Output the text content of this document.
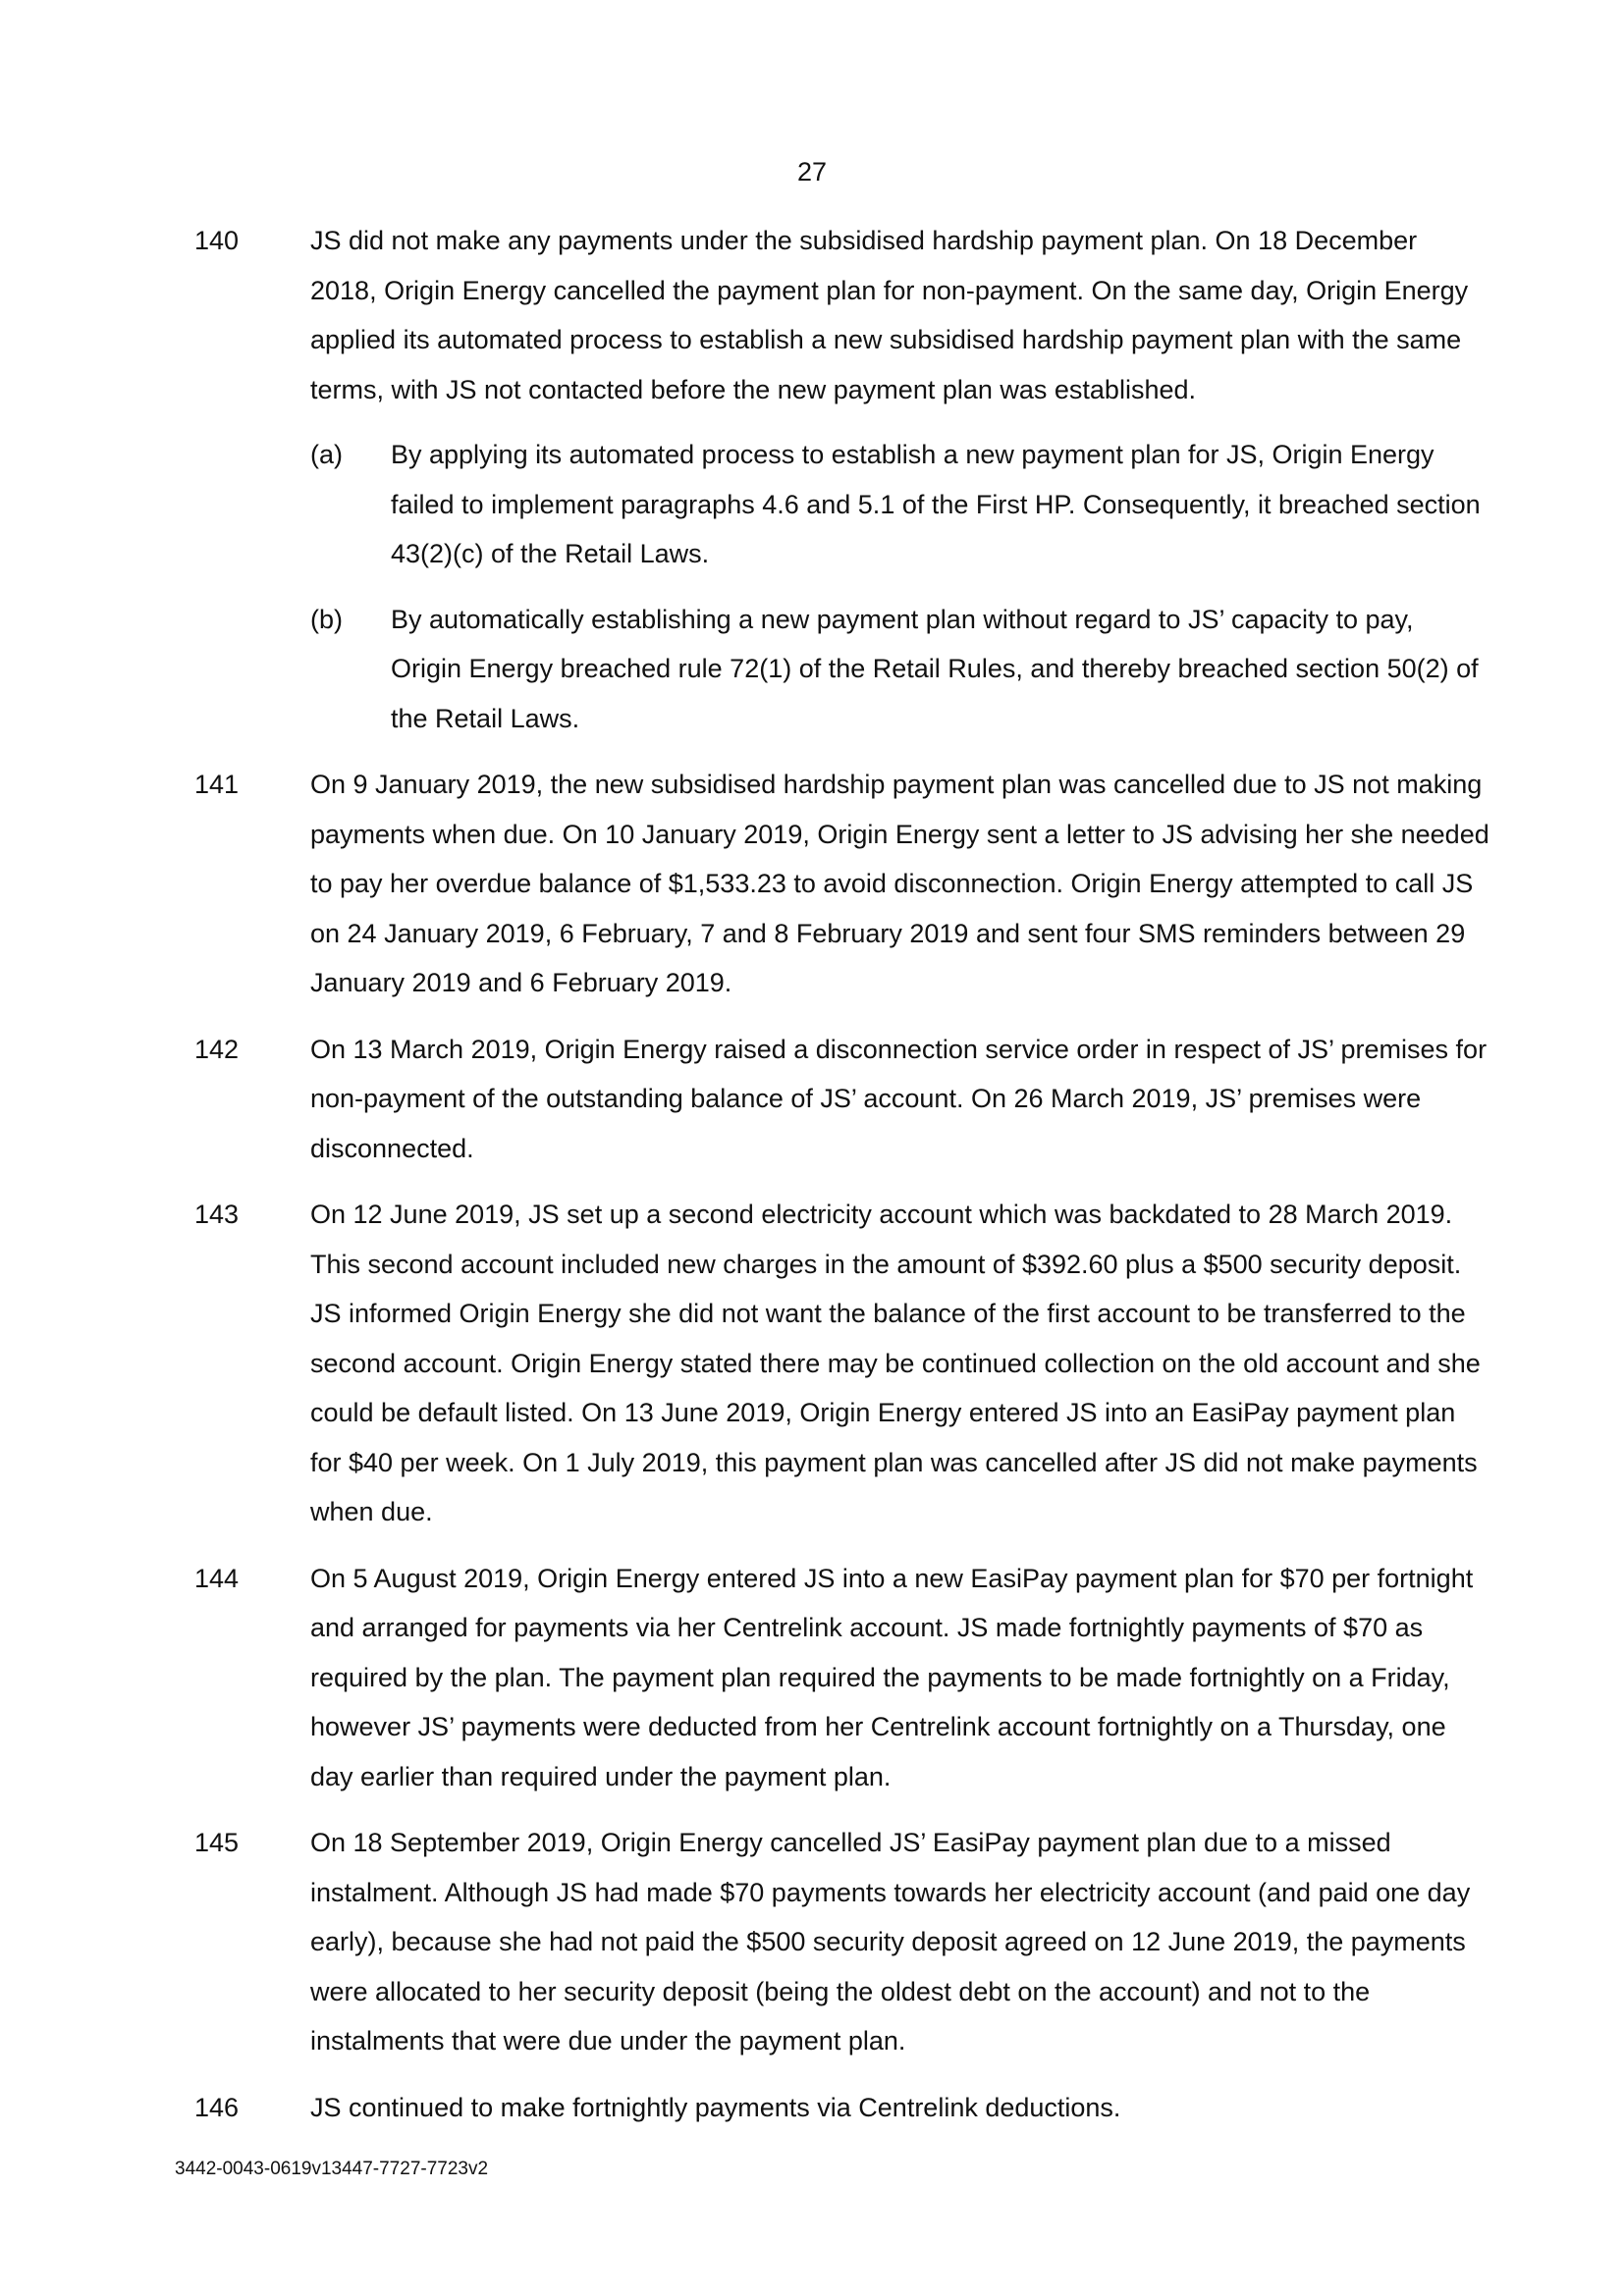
27
140	JS did not make any payments under the subsidised hardship payment plan. On 18 December 2018, Origin Energy cancelled the payment plan for non-payment. On the same day, Origin Energy applied its automated process to establish a new subsidised hardship payment plan with the same terms, with JS not contacted before the new payment plan was established.
(a) By applying its automated process to establish a new payment plan for JS, Origin Energy failed to implement paragraphs 4.6 and 5.1 of the First HP. Consequently, it breached section 43(2)(c) of the Retail Laws.
(b) By automatically establishing a new payment plan without regard to JS’ capacity to pay, Origin Energy breached rule 72(1) of the Retail Rules, and thereby breached section 50(2) of the Retail Laws.
141	On 9 January 2019, the new subsidised hardship payment plan was cancelled due to JS not making payments when due. On 10 January 2019, Origin Energy sent a letter to JS advising her she needed to pay her overdue balance of $1,533.23 to avoid disconnection. Origin Energy attempted to call JS on 24 January 2019, 6 February, 7 and 8 February 2019 and sent four SMS reminders between 29 January 2019 and 6 February 2019.
142	On 13 March 2019, Origin Energy raised a disconnection service order in respect of JS’ premises for non-payment of the outstanding balance of JS’ account. On 26 March 2019, JS’ premises were disconnected.
143	On 12 June 2019, JS set up a second electricity account which was backdated to 28 March 2019. This second account included new charges in the amount of $392.60 plus a $500 security deposit. JS informed Origin Energy she did not want the balance of the first account to be transferred to the second account. Origin Energy stated there may be continued collection on the old account and she could be default listed. On 13 June 2019, Origin Energy entered JS into an EasiPay payment plan for $40 per week. On 1 July 2019, this payment plan was cancelled after JS did not make payments when due.
144	On 5 August 2019, Origin Energy entered JS into a new EasiPay payment plan for $70 per fortnight and arranged for payments via her Centrelink account. JS made fortnightly payments of $70 as required by the plan. The payment plan required the payments to be made fortnightly on a Friday, however JS’ payments were deducted from her Centrelink account fortnightly on a Thursday, one day earlier than required under the payment plan.
145	On 18 September 2019, Origin Energy cancelled JS’ EasiPay payment plan due to a missed instalment. Although JS had made $70 payments towards her electricity account (and paid one day early), because she had not paid the $500 security deposit agreed on 12 June 2019, the payments were allocated to her security deposit (being the oldest debt on the account) and not to the instalments that were due under the payment plan.
146	JS continued to make fortnightly payments via Centrelink deductions.
3442-0043-0619v13447-7727-7723v2
